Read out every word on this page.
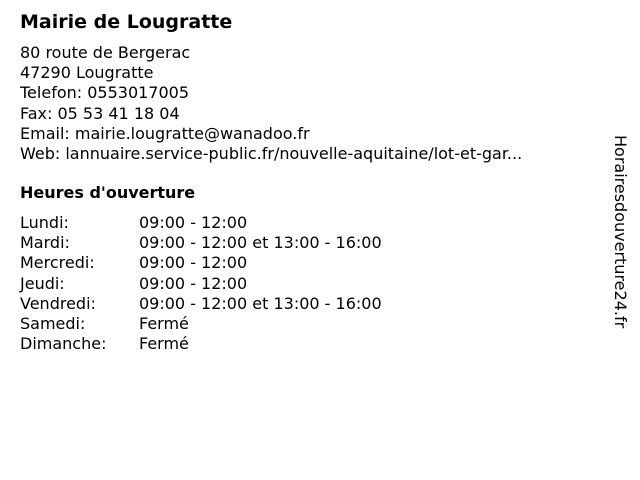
Mairie de Lougratte
80 route de Bergerac
47290 Lougratte
Telefon: 0553017005
Fax: 05 53 41 18 04
Email: mairie.lougratte@wanadoo.fr
Web: lannuaire.service-public.fr/nouvelle-aquitaine/lot-et-gar...
Heures d'ouverture
Lundi:	09:00 - 12:00
Mardi:	09:00 - 12:00 et 13:00 - 16:00
Mercredi:	09:00 - 12:00
Jeudi:	09:00 - 12:00
Vendredi:	09:00 - 12:00 et 13:00 - 16:00
Samedi:	Fermé
Dimanche: Fermé
Horairesdouverture24.fr
